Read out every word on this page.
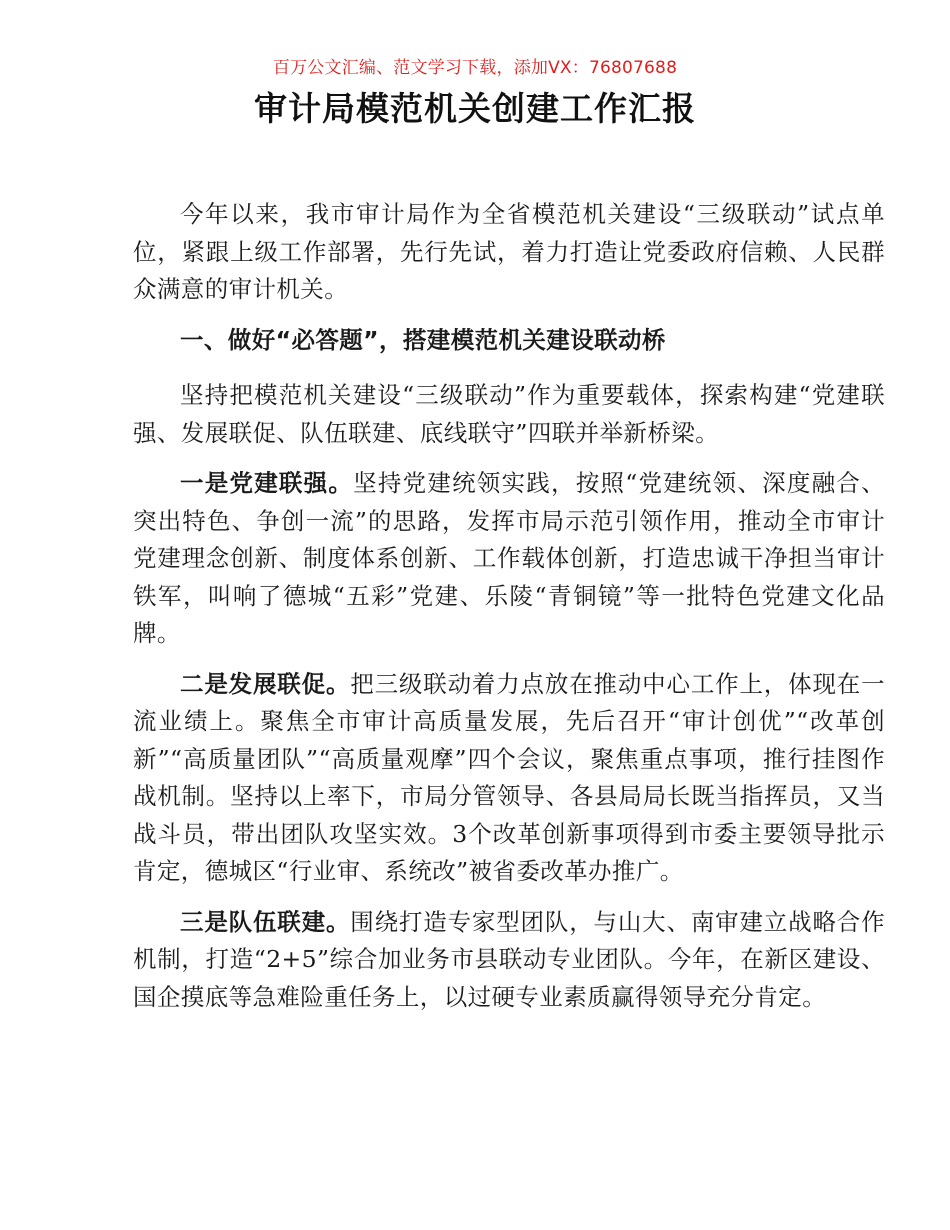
百万公文汇编、范文学习下载，添加VX：76807688
审计局模范机关创建工作汇报

今年以来，我市审计局作为全省模范机关建设“三级联动”试点单位，紧跟上级工作部署，先行先试，着力打造让党委政府信赖、人民群众满意的审计机关。

一、做好“必答题”，搭建模范机关建设联动桥

坚持把模范机关建设“三级联动”作为重要载体，探索构建“党建联强、发展联促、队伍联建、底线联守”四联并举新桥梁。

一是党建联强。坚持党建统领实践，按照“党建统领、深度融合、突出特色、争创一流”的思路，发挥市局示范引领作用，推动全市审计党建理念创新、制度体系创新、工作载体创新，打造忠诚干净担当审计铁军，叫响了德城“五彩”党建、乐陵“青铜镜”等一批特色党建文化品牌。

二是发展联促。把三级联动着力点放在推动中心工作上，体现在一流业绩上。聚焦全市审计高质量发展，先后召开“审计创优”“改革创新”“高质量团队”“高质量观摩”四个会议，聚焦重点事项，推行挂图作战机制。坚持以上率下，市局分管领导、各县局局长既当指挥员，又当战斗员，带出团队攻坚实效。3个改革创新事项得到市委主要领导批示肯定，德城区“行业审、系统改”被省委改革办推广。

三是队伍联建。围绕打造专家型团队，与山大、南审建立战略合作机制，打造“2+5”综合加业务市县联动专业团队。今年，在新区建设、国企摸底等急难险重任务上，以过硬专业素质赢得领导充分肯定。
